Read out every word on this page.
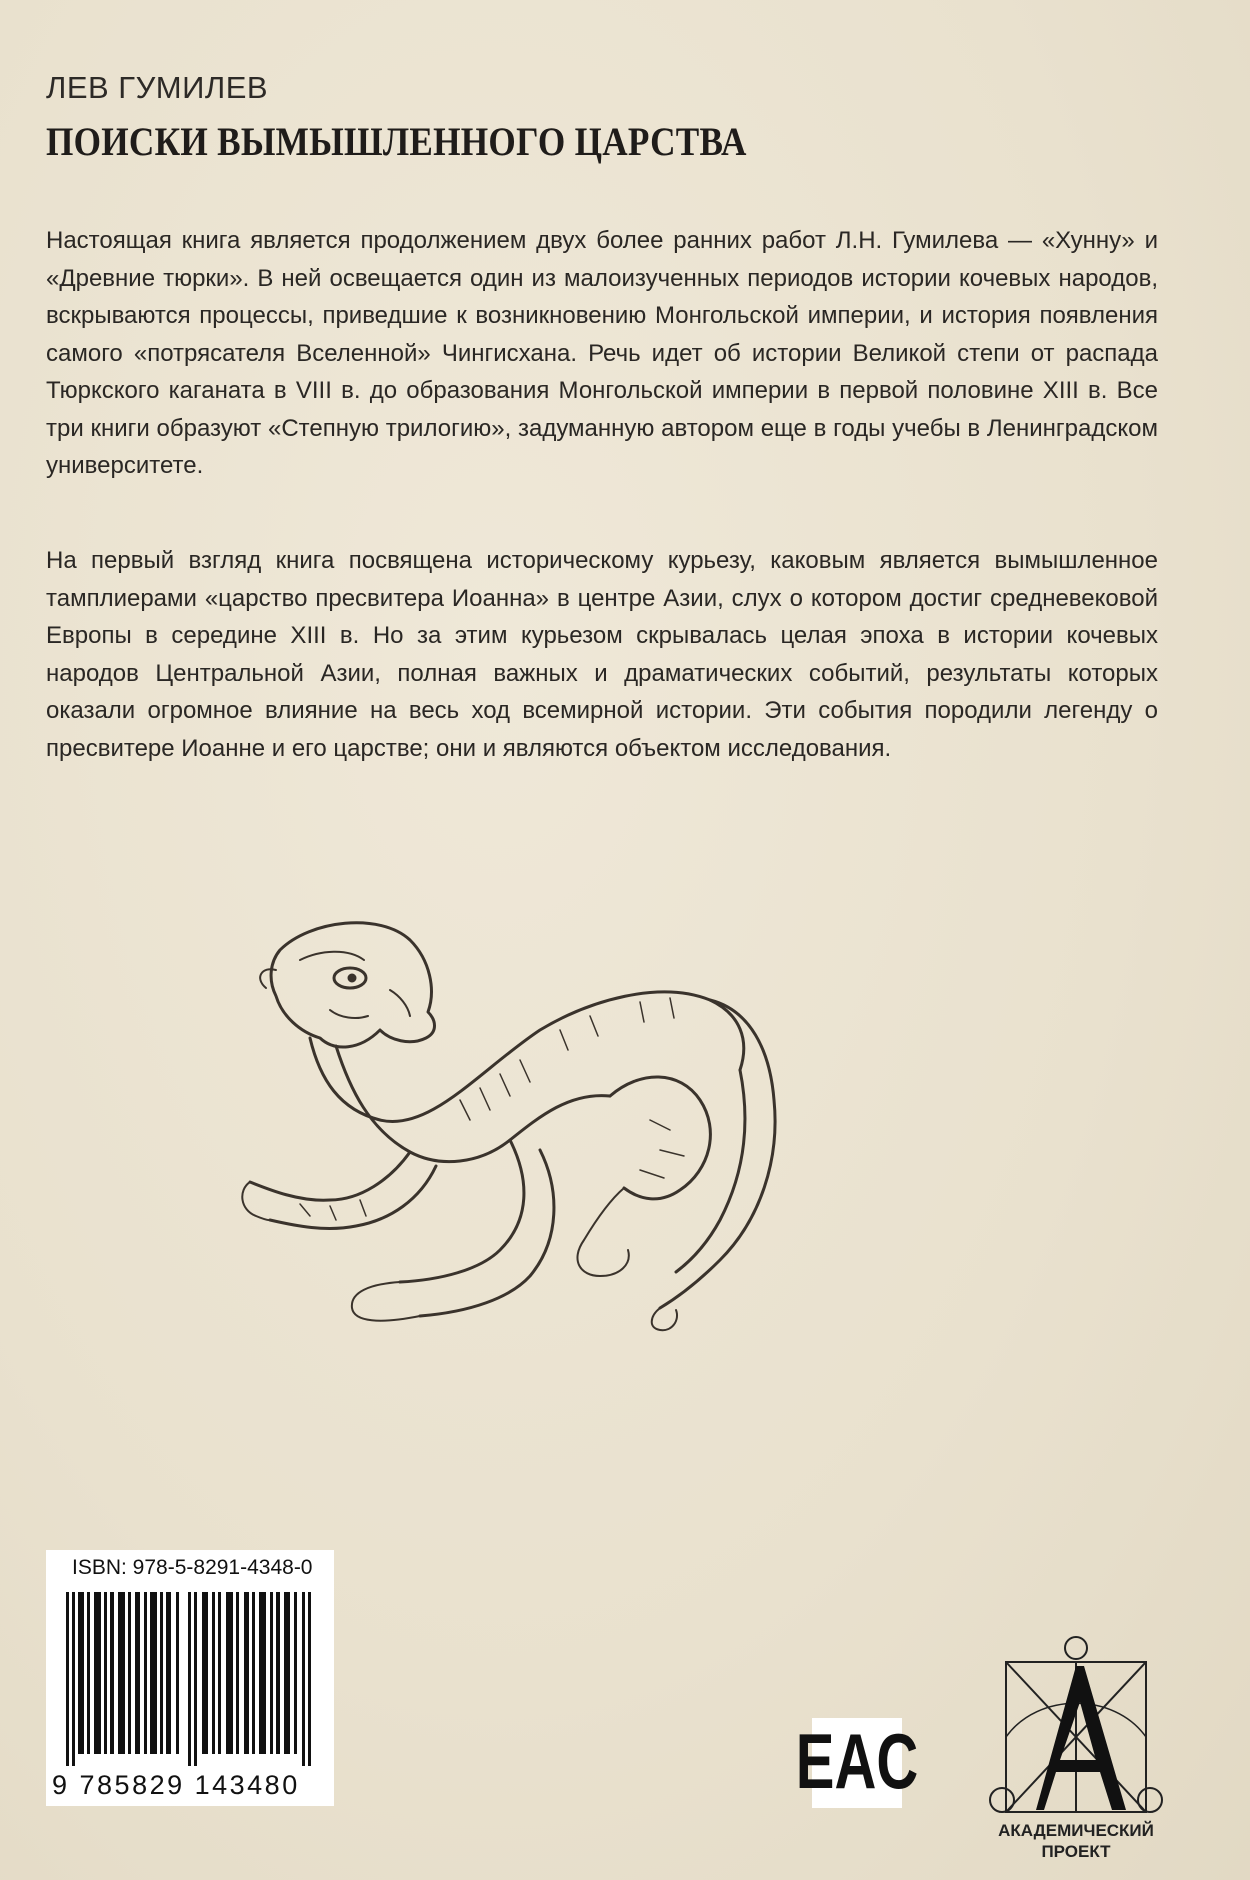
ЛЕВ ГУМИЛЕВ
ПОИСКИ ВЫМЫШЛЕННОГО ЦАРСТВА
Настоящая книга является продолжением двух более ранних работ Л.Н. Гумилева — «Хунну» и «Древние тюрки». В ней освещается один из малоизученных периодов истории кочевых народов, вскрываются процессы, приведшие к возникновению Монгольской империи, и история появления самого «потрясателя Вселенной» Чингисхана. Речь идет об истории Великой степи от распада Тюркского каганата в VIII в. до образования Монгольской империи в первой половине XIII в. Все три книги образуют «Степную трилогию», задуманную автором еще в годы учебы в Ленинградском университете.
На первый взгляд книга посвящена историческому курьезу, каковым является вымышленное тамплиерами «царство пресвитера Иоанна» в центре Азии, слух о котором достиг средневековой Европы в середине XIII в. Но за этим курьезом скрывалась целая эпоха в истории кочевых народов Центральной Азии, полная важных и драматических событий, результаты которых оказали огромное влияние на весь ход всемирной истории. Эти события породили легенду о пресвитере Иоанне и его царстве; они и являются объектом исследования.
ISBN: 978-5-8291-4348-0
9 785829 143480	EAC
АКАДЕМИЧЕСКИЙ
ПРОЕКТ
